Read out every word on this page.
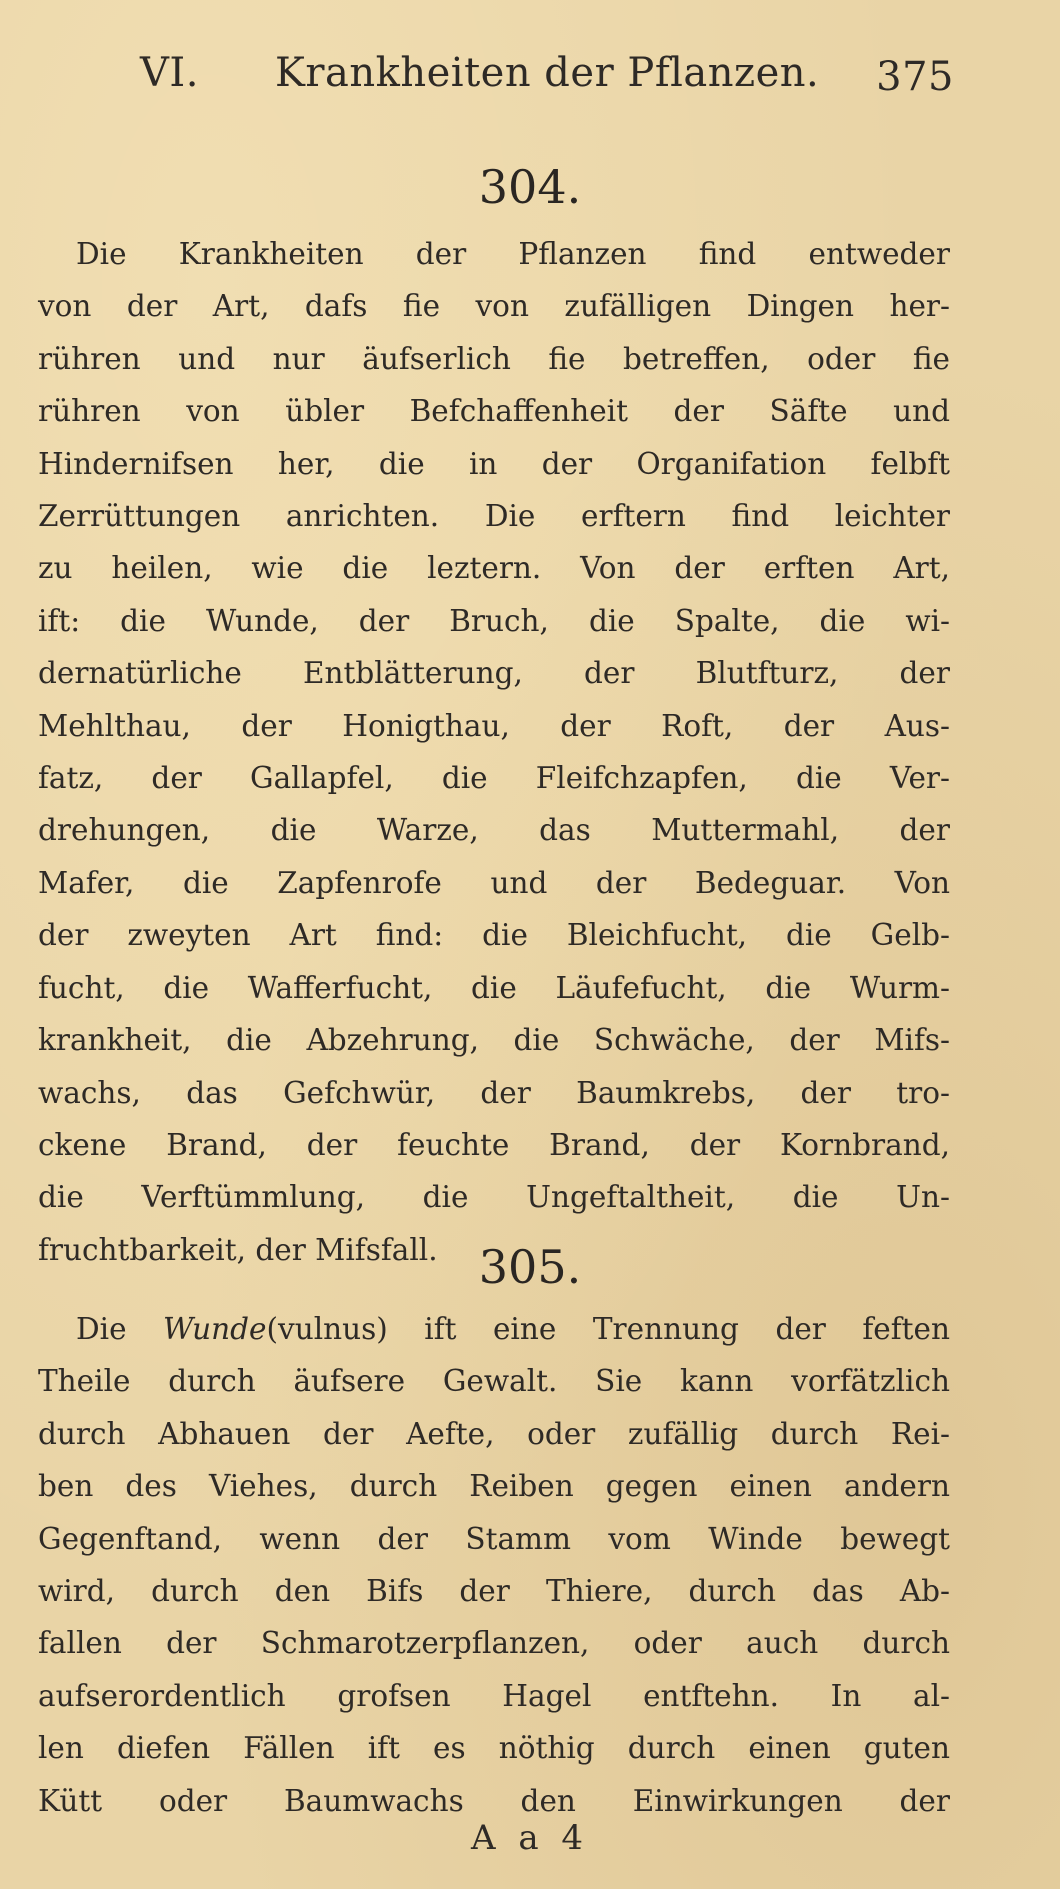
VI. Krankheiten der Pflanzen. 375
304.
Die Krankheiten der Pflanzen find entweder
von der Art, dafs fie von zufälligen Dingen her-
rühren und nur äufserlich fie betreffen, oder fie
rühren von übler Befchaffenheit der Säfte und
Hindernifsen her, die in der Organifation felbft
Zerrüttungen anrichten. Die erftern find leichter
zu heilen, wie die leztern. Von der erften Art,
ift: die Wunde, der Bruch, die Spalte, die wi-
dernatürliche Entblätterung, der Blutfturz, der
Mehlthau, der Honigthau, der Roft, der Aus-
fatz, der Gallapfel, die Fleifchzapfen, die Ver-
drehungen, die Warze, das Muttermahl, der
Mafer, die Zapfenrofe und der Bedeguar. Von
der zweyten Art find: die Bleichfucht, die Gelb-
fucht, die Wafferfucht, die Läufefucht, die Wurm-
krankheit, die Abzehrung, die Schwäche, der Mifs-
wachs, das Gefchwür, der Baumkrebs, der tro-
ckene Brand, der feuchte Brand, der Kornbrand,
die Verftümmlung, die Ungeftaltheit, die Un-
fruchtbarkeit, der Mifsfall. 305.
Die Wunde(vulnus) ift eine Trennung der feften
Theile durch äufsere Gewalt. Sie kann vorfätzlich
durch Abhauen der Aefte, oder zufällig durch Rei-
ben des Viehes, durch Reiben gegen einen andern
Gegenftand, wenn der Stamm vom Winde bewegt
wird, durch den Bifs der Thiere, durch das Ab-
fallen der Schmarotzerpflanzen, oder auch durch
aufserordentlich grofsen Hagel entftehn. In al-
len diefen Fällen ift es nöthig durch einen guten
Kütt oder Baumwachs den Einwirkungen der
A a 4
